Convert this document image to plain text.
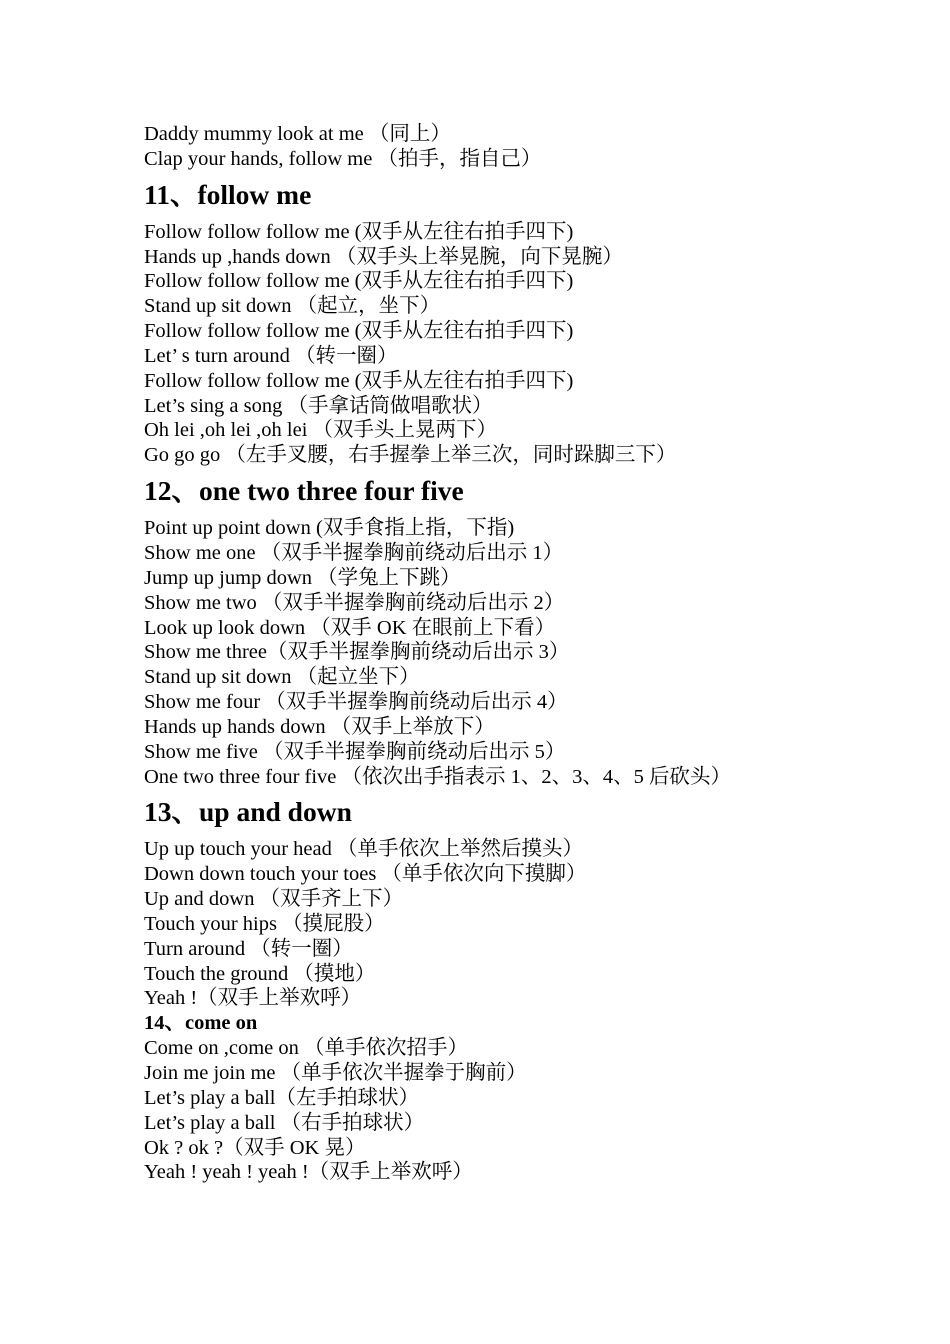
Daddy mummy look at me （同上）
Clap your hands, follow me （拍手，指自己）
11、follow me
Follow follow follow me (双手从左往右拍手四下)
Hands up ,hands down （双手头上举晃腕，向下晃腕）
Follow follow follow me (双手从左往右拍手四下)
Stand up sit down （起立，坐下）
Follow follow follow me (双手从左往右拍手四下)
Let’ s turn around （转一圈）
Follow follow follow me (双手从左往右拍手四下)
Let’s sing a song （手拿话筒做唱歌状）
Oh lei ,oh lei ,oh lei （双手头上晃两下）
Go go go （左手叉腰，右手握拳上举三次，同时跺脚三下）
12、one two three four five
Point up point down (双手食指上指，下指)
Show me one （双手半握拳胸前绕动后出示 1）
Jump up jump down （学兔上下跳）
Show me two （双手半握拳胸前绕动后出示 2）
Look up look down （双手 OK 在眼前上下看）
Show me three（双手半握拳胸前绕动后出示 3）
Stand up sit down （起立坐下）
Show me four （双手半握拳胸前绕动后出示 4）
Hands up hands down （双手上举放下）
Show me five （双手半握拳胸前绕动后出示 5）
One two three four five （依次出手指表示 1、2、3、4、5 后砍头）
13、up and down
Up up touch your head （单手依次上举然后摸头）
Down down touch your toes （单手依次向下摸脚）
Up and down （双手齐上下）
Touch your hips （摸屁股）
Turn around （转一圈）
Touch the ground （摸地）
Yeah !（双手上举欢呼）
14、come on
Come on ,come on （单手依次招手）
Join me join me （单手依次半握拳于胸前）
Let’s play a ball（左手拍球状）
Let’s play a ball （右手拍球状）
Ok ? ok ?（双手 OK 晃）
Yeah ! yeah ! yeah !（双手上举欢呼）
